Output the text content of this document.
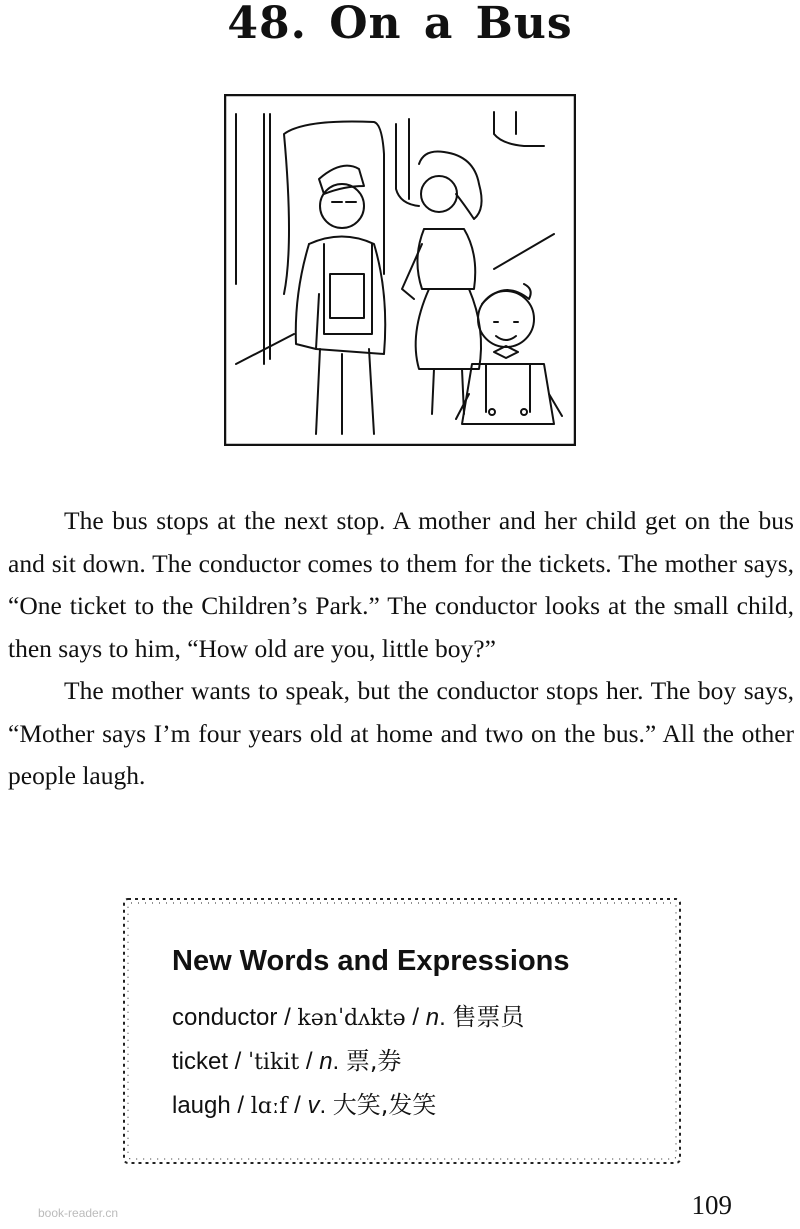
48. On a Bus

The bus stops at the next stop. A mother and her child get on the bus and sit down. The conductor comes to them for the tickets. The mother says, “One ticket to the Children’s Park.” The conductor looks at the small child, then says to him, “How old are you, little boy?”

The mother wants to speak, but the conductor stops her. The boy says, “Mother says I’m four years old at home and two on the bus.” All the other people laugh.

New Words and Expressions
conductor / kənˈdʌktə / n. 售票员
ticket / ˈtikit / n. 票,券
laugh / lɑːf / v. 大笑,发笑
book-reader.cn	109
